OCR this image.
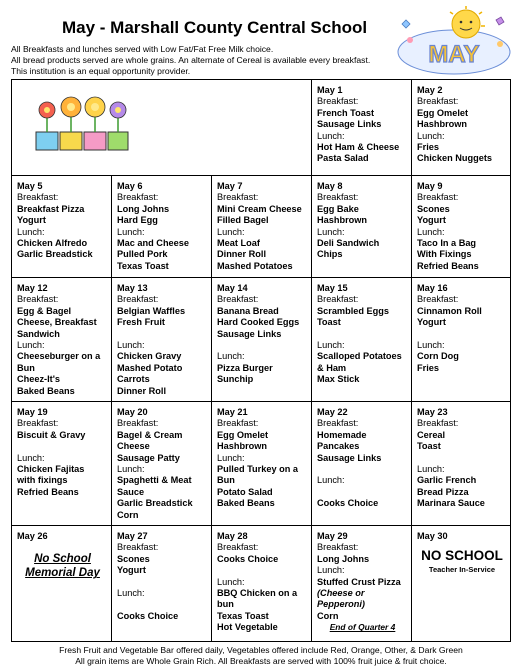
May - Marshall County Central School
All Breakfasts and lunches served with Low Fat/Fat Free Milk choice.
All bread products served are whole grains. An alternate of Cereal is available every breakfast.
This institution is an equal opportunity provider.
MAY
May 1
Breakfast:
French Toast
Sausage Links
Lunch:
Hot Ham & Cheese
Pasta Salad
May 2
Breakfast:
Egg Omelet
Hashbrown
Lunch:
Fries
Chicken Nuggets
May 5
Breakfast:
Breakfast Pizza
Yogurt
Lunch:
Chicken Alfredo
Garlic Breadstick
May 6
Breakfast:
Long Johns
Hard Egg
Lunch:
Mac and Cheese
Pulled Pork
Texas Toast
May 7
Breakfast:
Mini Cream Cheese
Filled Bagel
Lunch:
Meat Loaf
Dinner Roll
Mashed Potatoes
May 8
Breakfast:
Egg Bake
Hashbrown
Lunch:
Deli Sandwich
Chips
May 9
Breakfast:
Scones
Yogurt
Lunch:
Taco In a Bag
With Fixings
Refried Beans
May 12
Breakfast:
Egg & Bagel
Cheese, Breakfast
Sandwich
Lunch:
Cheeseburger on a
Bun
Cheez-It's
Baked Beans
May 13
Breakfast:
Belgian Waffles
Fresh Fruit
Lunch:
Chicken Gravy
Mashed Potato
Carrots
Dinner Roll
May 14
Breakfast:
Banana Bread
Hard Cooked Eggs
Sausage Links
Lunch:
Pizza Burger
Sunchip
May 15
Breakfast:
Scrambled Eggs
Toast
Lunch:
Scalloped Potatoes
& Ham
Max Stick
May 16
Breakfast:
Cinnamon Roll
Yogurt
Lunch:
Corn Dog
Fries
May 19
Breakfast:
Biscuit & Gravy
Lunch:
Chicken Fajitas
with fixings
Refried Beans
May 20
Breakfast:
Bagel & Cream
Cheese
Sausage Patty
Lunch:
Spaghetti & Meat
Sauce
Garlic Breadstick
Corn
May 21
Breakfast:
Egg Omelet
Hashbrown
Lunch:
Pulled Turkey on a
Bun
Potato Salad
Baked Beans
May 22
Breakfast:
Homemade
Pancakes
Sausage Links
Lunch:
Cooks Choice
May 23
Breakfast:
Cereal
Toast
Lunch:
Garlic French
Bread Pizza
Marinara Sauce
May 26
No School
Memorial Day
May 27
Breakfast:
Scones
Yogurt
Lunch:
Cooks Choice
May 28
Breakfast:
Cooks Choice
Lunch:
BBQ Chicken on a
bun
Texas Toast
Hot Vegetable
May 29
Breakfast:
Long Johns
Lunch:
Stuffed Crust Pizza
(Cheese or
Pepperoni)
Corn
End of Quarter 4
May 30
NO SCHOOL
Teacher In-Service
Fresh Fruit and Vegetable Bar offered daily, Vegetables offered include Red, Orange, Other, & Dark Green
All grain items are Whole Grain Rich. All Breakfasts are served with 100% fruit juice & fruit choice.
